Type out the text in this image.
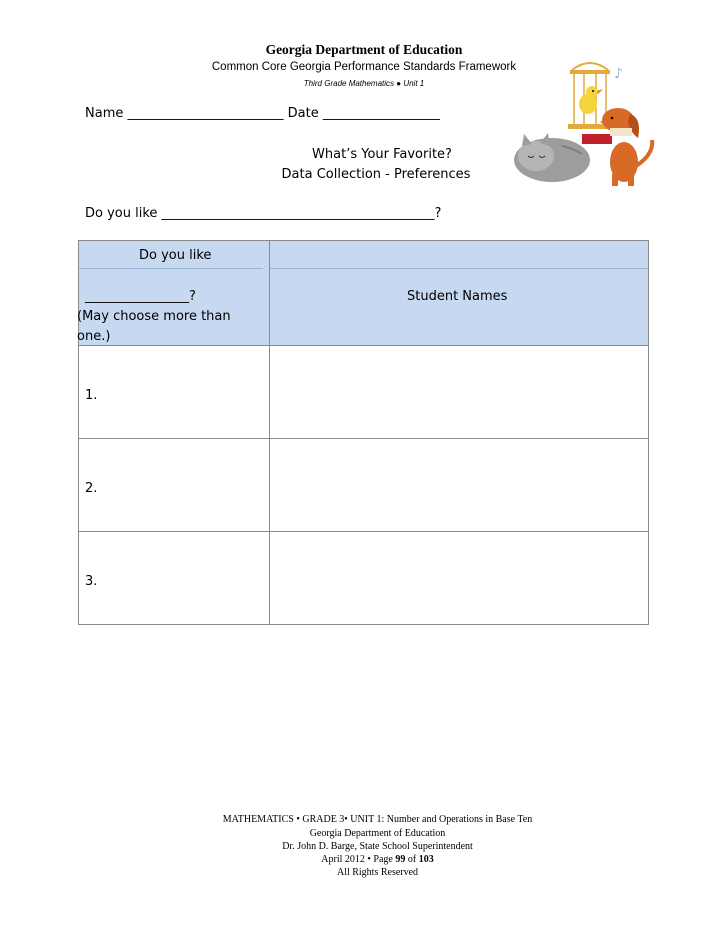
Georgia Department of Education
Common Core Georgia Performance Standards Framework
Third Grade Mathematics ● Unit 1
♪
Name ________________________ Date __________________
What’s Your Favorite?
Data Collection - Preferences
Do you like __________________________________________?
Do you like
________________?
(May choose more than
one.)	Student Names

1.	

2.	

3.	

MATHEMATICS • GRADE 3• UNIT 1: Number and Operations in Base Ten
Georgia Department of Education
Dr. John D. Barge, State School Superintendent
April 2012 • Page 99 of 103
All Rights Reserved
